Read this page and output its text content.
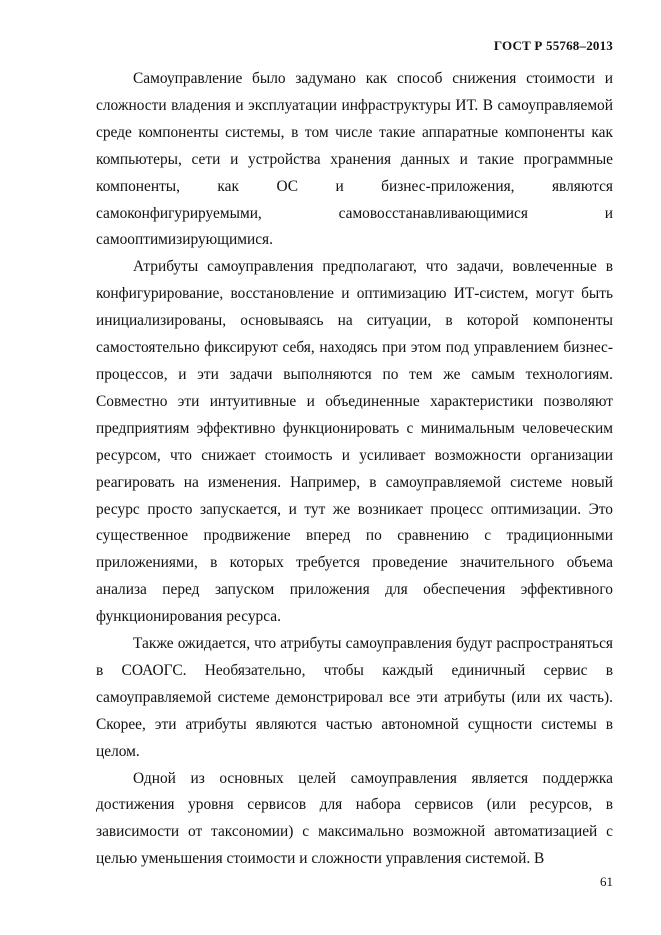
ГОСТ Р 55768–2013

Самоуправление было задумано как способ снижения стоимости и сложности владения и эксплуатации инфраструктуры ИТ. В самоуправляемой среде компоненты системы, в том числе такие аппаратные компоненты как компьютеры, сети и устройства хранения данных и такие программные компоненты, как ОС и бизнес-приложения, являются самоконфигурируемыми, самовосстанавливающимися и самооптимизирующимися.

Атрибуты самоуправления предполагают, что задачи, вовлеченные в конфигурирование, восстановление и оптимизацию ИТ-систем, могут быть инициализированы, основываясь на ситуации, в которой компоненты самостоятельно фиксируют себя, находясь при этом под управлением бизнес-процессов, и эти задачи выполняются по тем же самым технологиям. Совместно эти интуитивные и объединенные характеристики позволяют предприятиям эффективно функционировать с минимальным человеческим ресурсом, что снижает стоимость и усиливает возможности организации реагировать на изменения. Например, в самоуправляемой системе новый ресурс просто запускается, и тут же возникает процесс оптимизации. Это существенное продвижение вперед по сравнению с традиционными приложениями, в которых требуется проведение значительного объема анализа перед запуском приложения для обеспечения эффективного функционирования ресурса.

Также ожидается, что атрибуты самоуправления будут распространяться в СОАОГС. Необязательно, чтобы каждый единичный сервис в самоуправляемой системе демонстрировал все эти атрибуты (или их часть). Скорее, эти атрибуты являются частью автономной сущности системы в целом.

Одной из основных целей самоуправления является поддержка достижения уровня сервисов для набора сервисов (или ресурсов, в зависимости от таксономии) с максимально возможной автоматизацией с целью уменьшения стоимости и сложности управления системой. В

61
